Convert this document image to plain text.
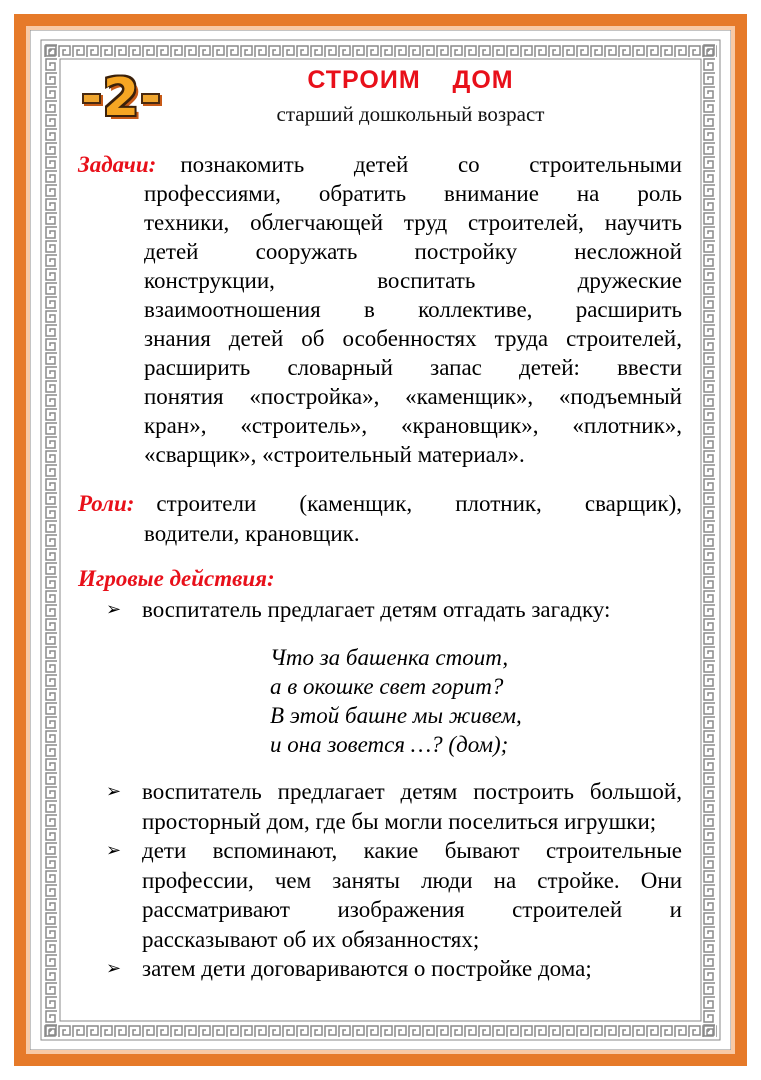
2	СТРОИМ  ДОМ
старший дошкольный возраст
Задачи: познакомить детей со строительными
профессиями, обратить внимание на роль
техники, облегчающей труд строителей, научить
детей сооружать постройку несложной
конструкции, воспитать дружеские
взаимоотношения в коллективе, расширить
знания детей об особенностях труда строителей,
расширить словарный запас детей: ввести
понятия «постройка», «каменщик», «подъемный
кран», «строитель», «крановщик», «плотник»,
«сварщик», «строительный материал».
Роли: строители (каменщик, плотник, сварщик),
водители, крановщик.
Игровые действия:
➢ воспитатель предлагает детям отгадать загадку:
Что за башенка стоит,
а в окошке свет горит?
В этой башне мы живем,
и она зовется …? (дом);
➢ воспитатель предлагает детям построить большой, просторный дом, где бы могли поселиться игрушки;
➢ дети вспоминают, какие бывают строительные профессии, чем заняты люди на стройке. Они рассматривают изображения строителей и рассказывают об их обязанностях;
➢ затем дети договариваются о постройке дома;
